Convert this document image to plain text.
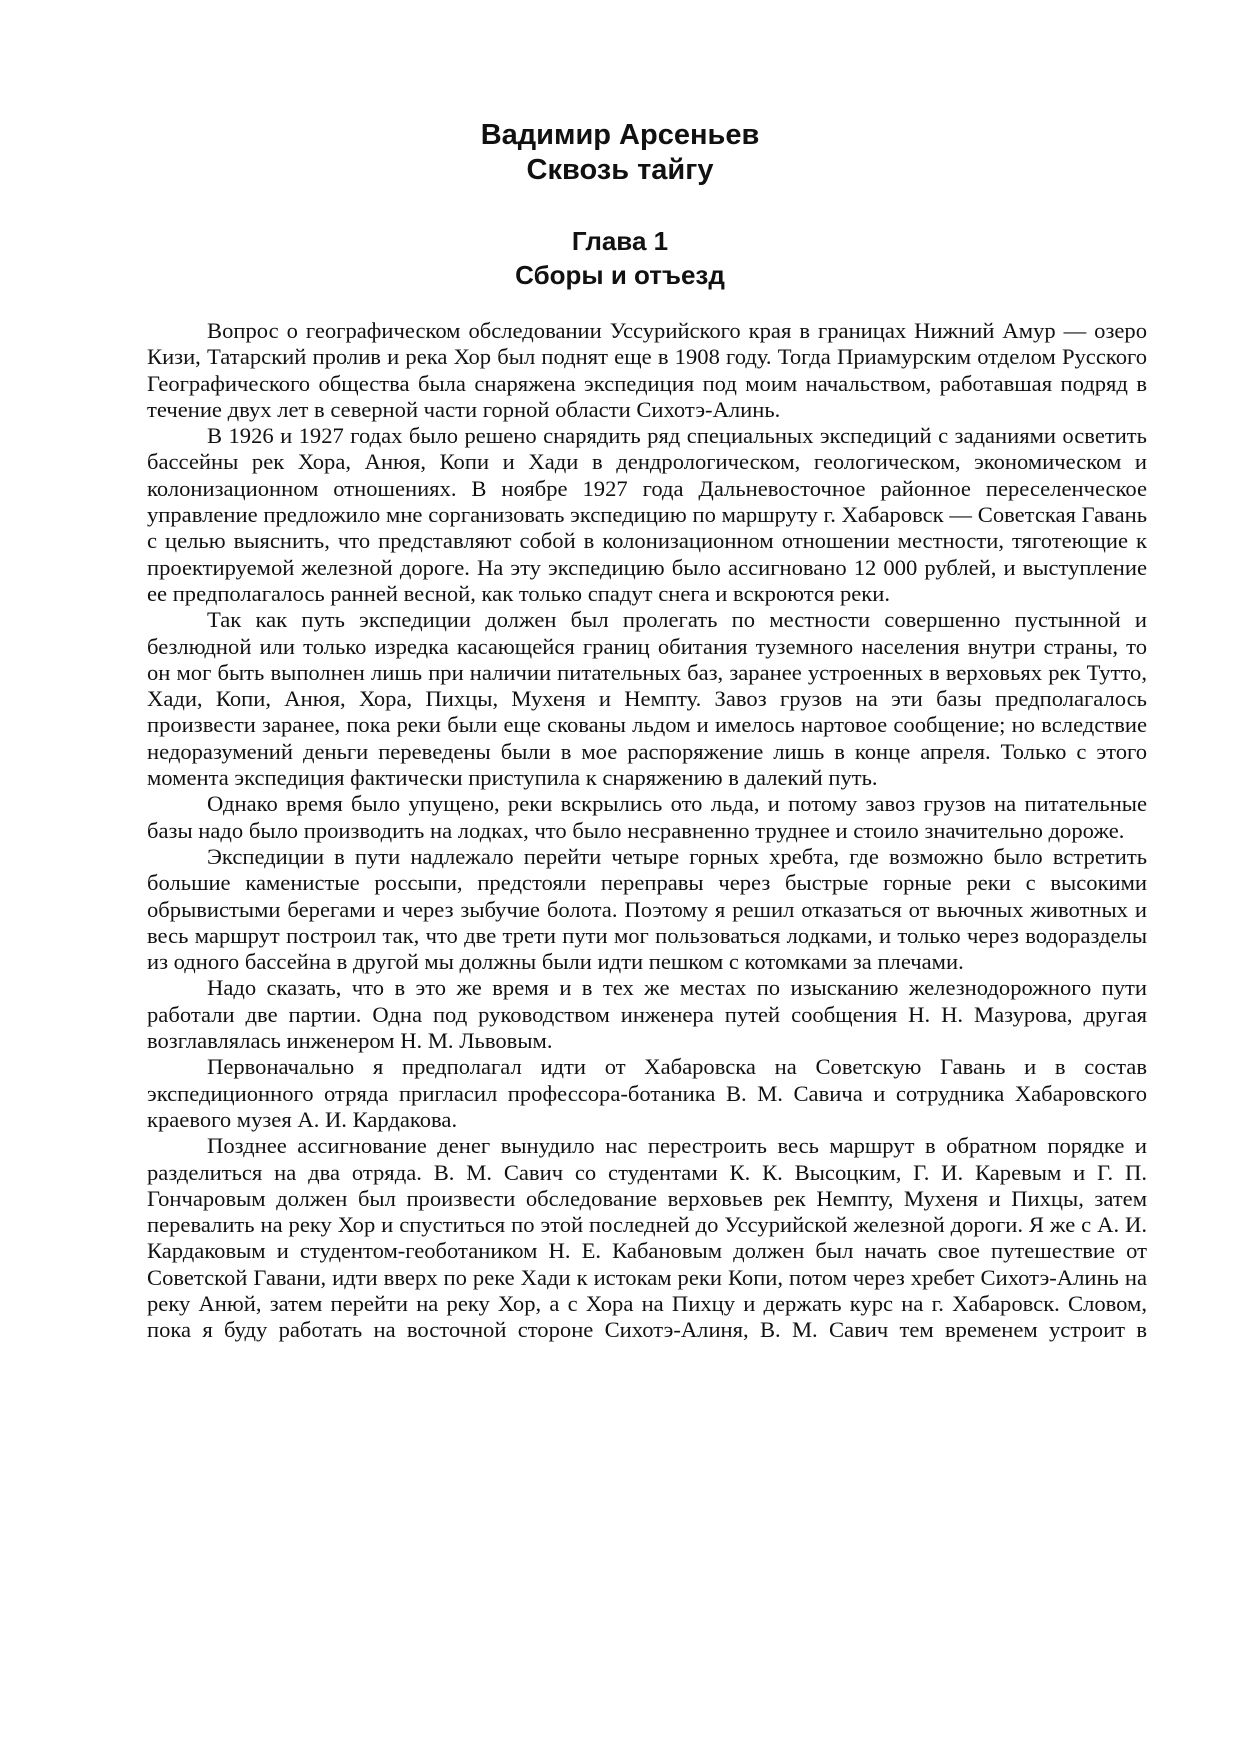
Вадимир Арсеньев
Сквозь тайгу
Глава 1
Сборы и отъезд

Вопрос о географическом обследовании Уссурийского края в границах Нижний Амур — озеро Кизи, Татарский пролив и река Хор был поднят еще в 1908 году. Тогда Приамурским отделом Русского Географического общества была снаряжена экспедиция под моим начальством, работавшая подряд в течение двух лет в северной части горной области Сихотэ-Алинь.

В 1926 и 1927 годах было решено снарядить ряд специальных экспедиций с заданиями осветить бассейны рек Хора, Анюя, Копи и Хади в дендрологическом, геологическом, экономическом и колонизационном отношениях. В ноябре 1927 года Дальневосточное районное переселенческое управление предложило мне сорганизовать экспедицию по маршруту г. Хабаровск — Советская Гавань с целью выяснить, что представляют собой в колонизационном отношении местности, тяготеющие к проектируемой железной дороге. На эту экспедицию было ассигновано 12 000 рублей, и выступление ее предполагалось ранней весной, как только спадут снега и вскроются реки.

Так как путь экспедиции должен был пролегать по местности совершенно пустынной и безлюдной или только изредка касающейся границ обитания туземного населения внутри страны, то он мог быть выполнен лишь при наличии питательных баз, заранее устроенных в верховьях рек Тутто, Хади, Копи, Анюя, Хора, Пихцы, Мухеня и Немпту. Завоз грузов на эти базы предполагалось произвести заранее, пока реки были еще скованы льдом и имелось нартовое сообщение; но вследствие недоразумений деньги переведены были в мое распоряжение лишь в конце апреля. Только с этого момента экспедиция фактически приступила к снаряжению в далекий путь.

Однако время было упущено, реки вскрылись ото льда, и потому завоз грузов на питательные базы надо было производить на лодках, что было несравненно труднее и стоило значительно дороже.

Экспедиции в пути надлежало перейти четыре горных хребта, где возможно было встретить большие каменистые россыпи, предстояли переправы через быстрые горные реки с высокими обрывистыми берегами и через зыбучие болота. Поэтому я решил отказаться от вьючных животных и весь маршрут построил так, что две трети пути мог пользоваться лодками, и только через водоразделы из одного бассейна в другой мы должны были идти пешком с котомками за плечами.

Надо сказать, что в это же время и в тех же местах по изысканию железнодорожного пути работали две партии. Одна под руководством инженера путей сообщения Н. Н. Мазурова, другая возглавлялась инженером Н. М. Львовым.

Первоначально я предполагал идти от Хабаровска на Советскую Гавань и в состав экспедиционного отряда пригласил профессора-ботаника В. М. Савича и сотрудника Хабаровского краевого музея А. И. Кардакова.

Позднее ассигнование денег вынудило нас перестроить весь маршрут в обратном порядке и разделиться на два отряда. В. М. Савич со студентами К. К. Высоцким, Г. И. Каревым и Г. П. Гончаровым должен был произвести обследование верховьев рек Немпту, Мухеня и Пихцы, затем перевалить на реку Хор и спуститься по этой последней до Уссурийской железной дороги. Я же с А. И. Кардаковым и студентом-геоботаником Н. Е. Кабановым должен был начать свое путешествие от Советской Гавани, идти вверх по реке Хади к истокам реки Копи, потом через хребет Сихотэ-Алинь на реку Анюй, затем перейти на реку Хор, а с Хора на Пихцу и держать курс на г. Хабаровск. Словом, пока я буду работать на восточной стороне Сихотэ-Алиня, В. М. Савич тем временем устроит в
